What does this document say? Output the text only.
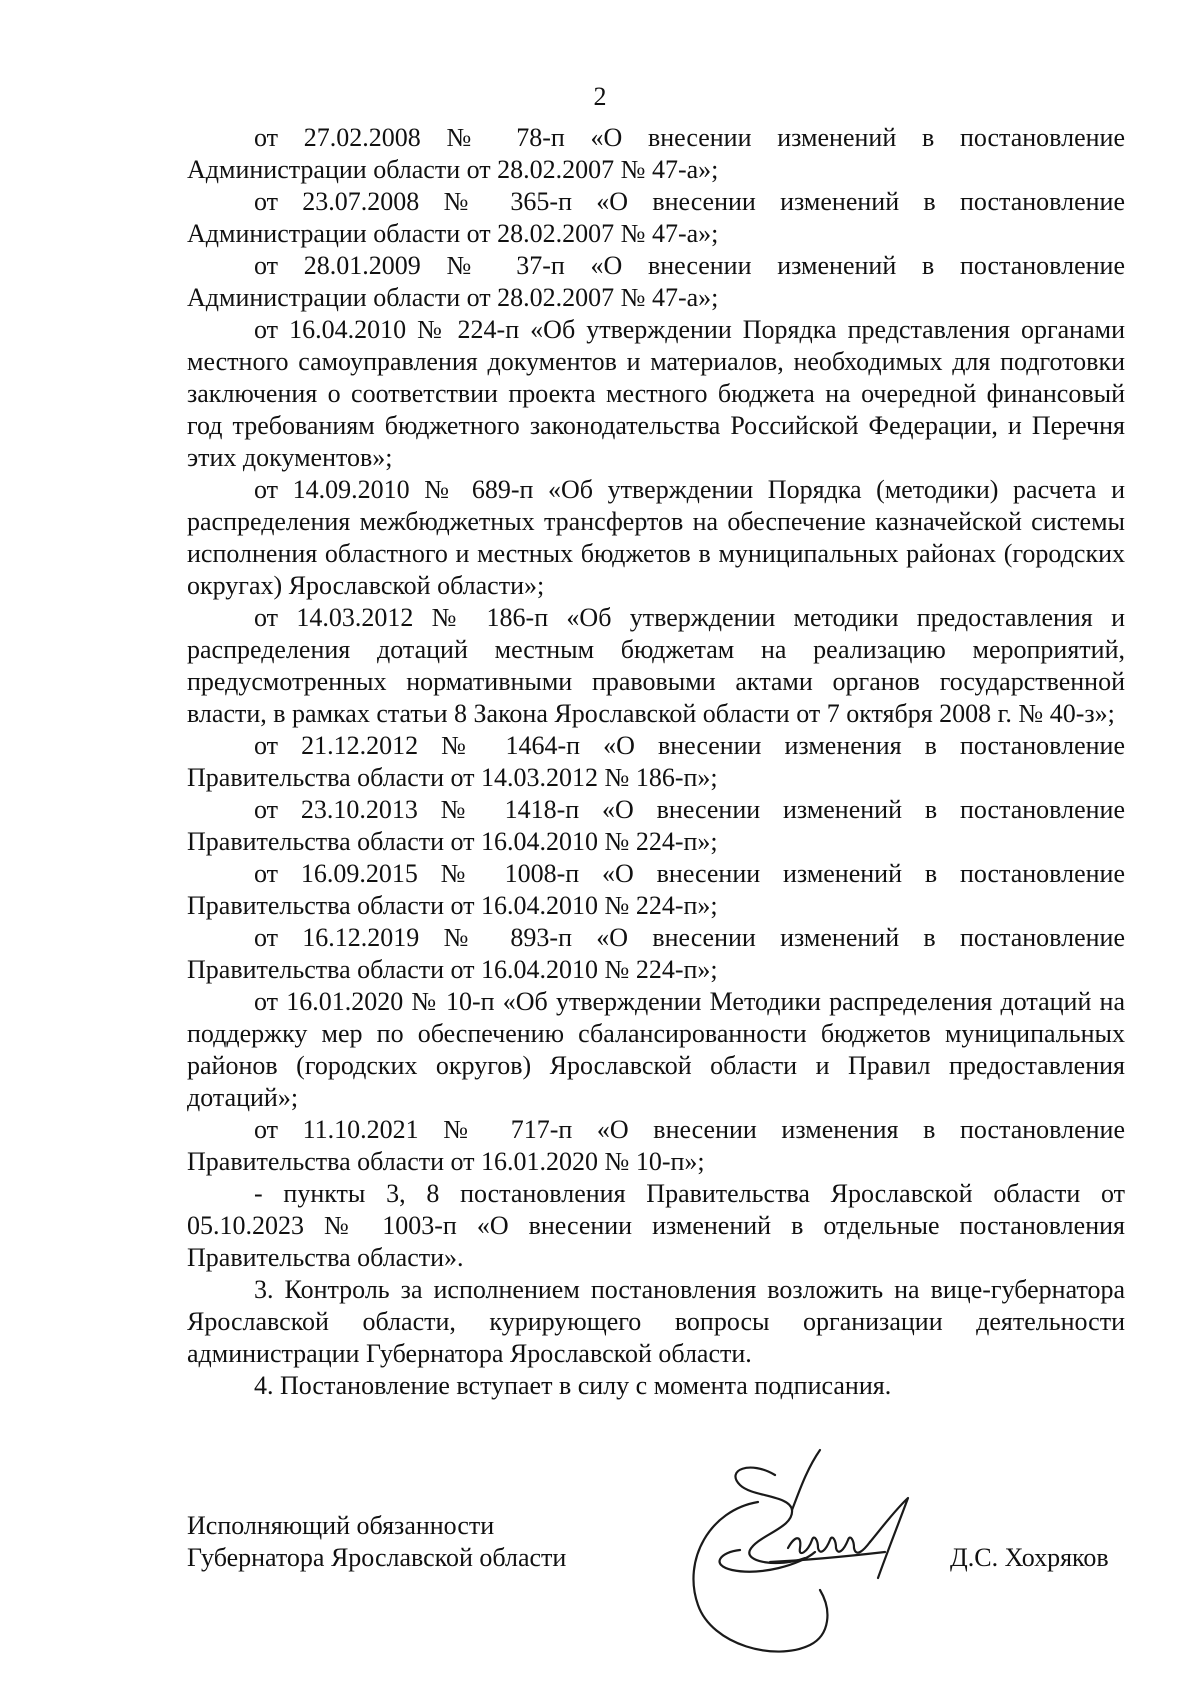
2

от 27.02.2008 № 78-п «О внесении изменений в постановление Администрации области от 28.02.2007 № 47-а»;

от 23.07.2008 № 365-п «О внесении изменений в постановление Администрации области от 28.02.2007 № 47-а»;

от 28.01.2009 № 37-п «О внесении изменений в постановление Администрации области от 28.02.2007 № 47-а»;

от 16.04.2010 № 224-п «Об утверждении Порядка представления органами местного самоуправления документов и материалов, необходимых для подготовки заключения о соответствии проекта местного бюджета на очередной финансовый год требованиям бюджетного законодательства Российской Федерации, и Перечня этих документов»;

от 14.09.2010 № 689-п «Об утверждении Порядка (методики) расчета и распределения межбюджетных трансфертов на обеспечение казначейской системы исполнения областного и местных бюджетов в муниципальных районах (городских округах) Ярославской области»;

от 14.03.2012 № 186-п «Об утверждении методики предоставления и распределения дотаций местным бюджетам на реализацию мероприятий, предусмотренных нормативными правовыми актами органов государственной власти, в рамках статьи 8 Закона Ярославской области от 7 октября 2008 г. № 40-з»;

от 21.12.2012 № 1464-п «О внесении изменения в постановление Правительства области от 14.03.2012 № 186-п»;

от 23.10.2013 № 1418-п «О внесении изменений в постановление Правительства области от 16.04.2010 № 224-п»;

от 16.09.2015 № 1008-п «О внесении изменений в постановление Правительства области от 16.04.2010 № 224-п»;

от 16.12.2019 № 893-п «О внесении изменений в постановление Правительства области от 16.04.2010 № 224-п»;

от 16.01.2020 № 10-п «Об утверждении Методики распределения дотаций на поддержку мер по обеспечению сбалансированности бюджетов муниципальных районов (городских округов) Ярославской области и Правил предоставления дотаций»;

от 11.10.2021 № 717-п «О внесении изменения в постановление Правительства области от 16.01.2020 № 10-п»;

- пункты 3, 8 постановления Правительства Ярославской области от 05.10.2023 № 1003-п «О внесении изменений в отдельные постановления Правительства области».

3. Контроль за исполнением постановления возложить на вице-губернатора Ярославской области, курирующего вопросы организации деятельности администрации Губернатора Ярославской области.

4. Постановление вступает в силу с момента подписания.

Исполняющий обязанности
Губернатора Ярославской области	Д.С. Хохряков
